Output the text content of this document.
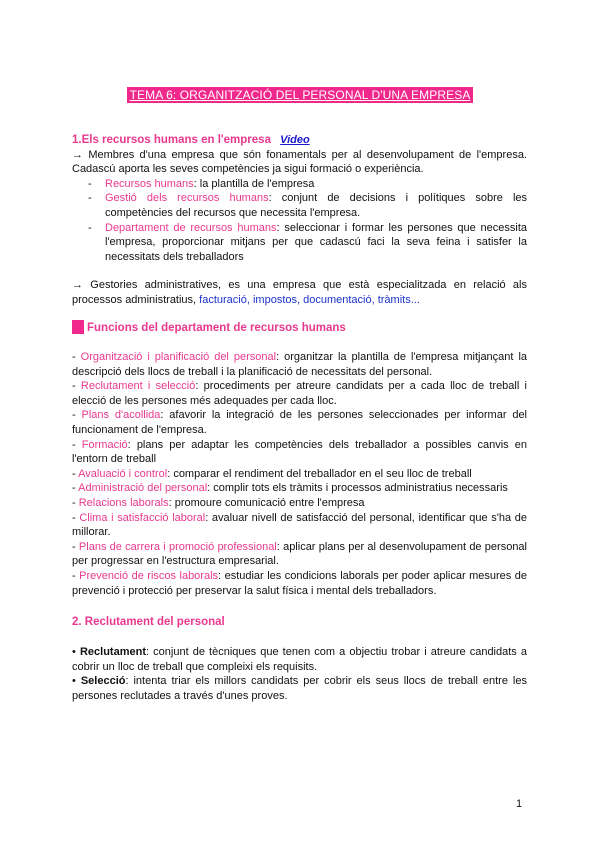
TEMA 6: ORGANITZACIÓ DEL PERSONAL D'UNA EMPRESA

1.Els recursos humans en l'empresa Video

→ Membres d'una empresa que són fonamentals per al desenvolupament de l'empresa. Cadascú aporta les seves competències ja sigui formació o experiència.

- Recursos humans: la plantilla de l'empresa
- Gestió dels recursos humans: conjunt de decisions i polítiques sobre les competències del recursos que necessita l'empresa.
- Departament de recursos humans: seleccionar i formar les persones que necessita l'empresa, proporcionar mitjans per que cadascú faci la seva feina i satisfer la necessitats dels treballadors
→ Gestories administratives, es una empresa que està especialitzada en relació als processos administratius, facturació, impostos, documentació, tràmits...
Funcions del departament de recursos humans

- Organització i planificació del personal: organitzar la plantilla de l'empresa mitjançant la descripció dels llocs de treball i la planificació de necessitats del personal.

- Reclutament i selecció: procediments per atreure candidats per a cada lloc de treball i elecció de les persones més adequades per cada lloc.

- Plans d'acollida: afavorir la integració de les persones seleccionades per informar del funcionament de l'empresa.

- Formació: plans per adaptar les competències dels treballador a possibles canvis en l'entorn de treball

- Avaluació i control: comparar el rendiment del treballador en el seu lloc de treball

- Administració del personal: complir tots els tràmits i processos administratius necessaris

- Relacions laborals: promoure comunicació entre l'empresa

- Clima i satisfacció laboral: avaluar nivell de satisfacció del personal, identificar que s'ha de millorar.

- Plans de carrera i promoció professional: aplicar plans per al desenvolupament de personal per progressar en l'estructura empresarial.

- Prevenció de riscos laborals: estudiar les condicions laborals per poder aplicar mesures de prevenció i protecció per preservar la salut física i mental dels treballadors.

2. Reclutament del personal

• Reclutament: conjunt de tècniques que tenen com a objectiu trobar i atreure candidats a cobrir un lloc de treball que compleixi els requisits.

• Selecció: intenta triar els millors candidats per cobrir els seus llocs de treball entre les persones reclutades a través d'unes proves.

1
